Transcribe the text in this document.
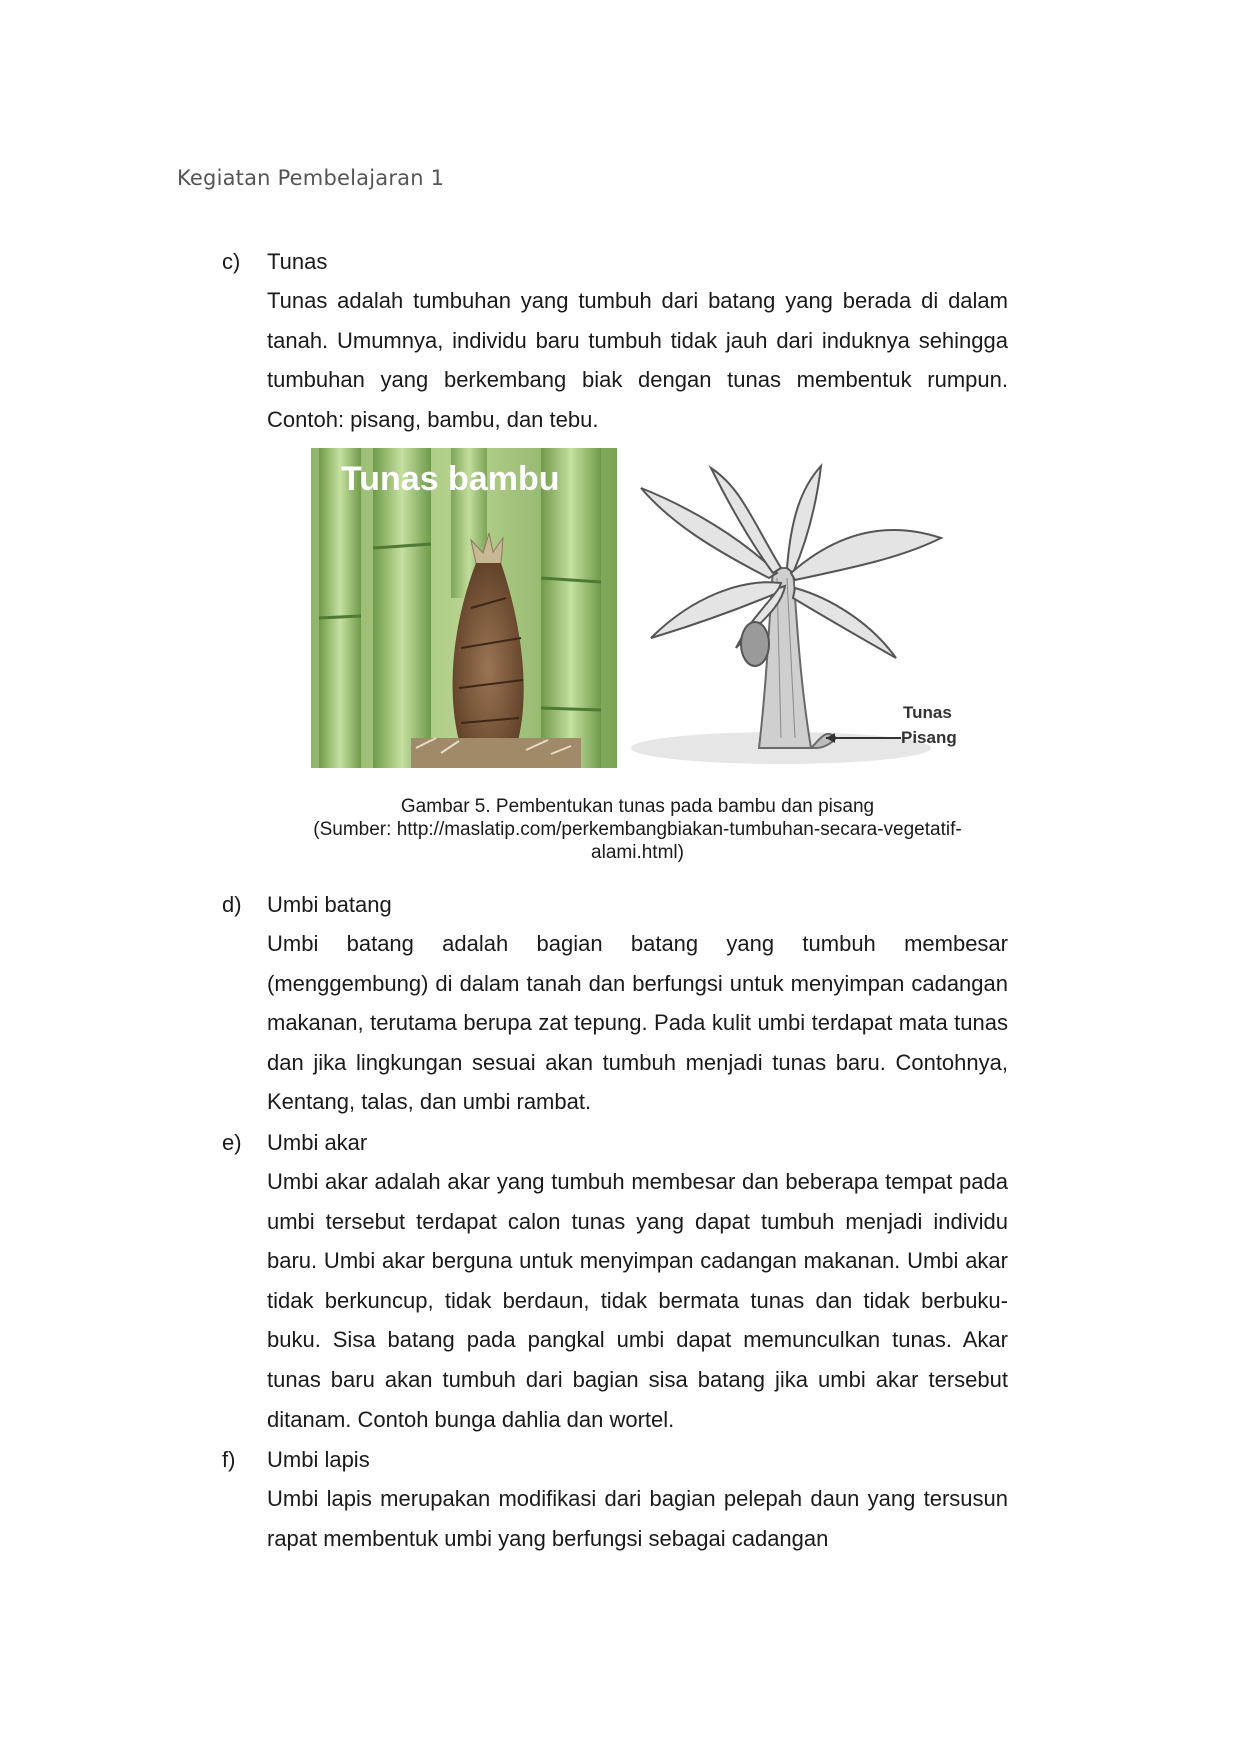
Kegiatan Pembelajaran 1
c) Tunas

Tunas adalah tumbuhan yang tumbuh dari batang yang berada di dalam tanah. Umumnya, individu baru tumbuh tidak jauh dari induknya sehingga tumbuhan yang berkembang biak dengan tunas membentuk rumpun. Contoh: pisang, bambu, dan tebu.

Tunas bambu
Tunas
Pisang
Gambar 5. Pembentukan tunas pada bambu dan pisang
(Sumber: http://maslatip.com/perkembangbiakan-tumbuhan-secara-vegetatif-
alami.html)
d) Umbi batang

Umbi batang adalah bagian batang yang tumbuh membesar (menggembung) di dalam tanah dan berfungsi untuk menyimpan cadangan makanan, terutama berupa zat tepung. Pada kulit umbi terdapat mata tunas dan jika lingkungan sesuai akan tumbuh menjadi tunas baru. Contohnya, Kentang, talas, dan umbi rambat.

e) Umbi akar

Umbi akar adalah akar yang tumbuh membesar dan beberapa tempat pada umbi tersebut terdapat calon tunas yang dapat tumbuh menjadi individu baru. Umbi akar berguna untuk menyimpan cadangan makanan. Umbi akar tidak berkuncup, tidak berdaun, tidak bermata tunas dan tidak berbuku-buku. Sisa batang pada pangkal umbi dapat memunculkan tunas. Akar tunas baru akan tumbuh dari bagian sisa batang jika umbi akar tersebut ditanam. Contoh bunga dahlia dan wortel.

f) Umbi lapis

Umbi lapis merupakan modifikasi dari bagian pelepah daun yang tersusun rapat membentuk umbi yang berfungsi sebagai cadangan
